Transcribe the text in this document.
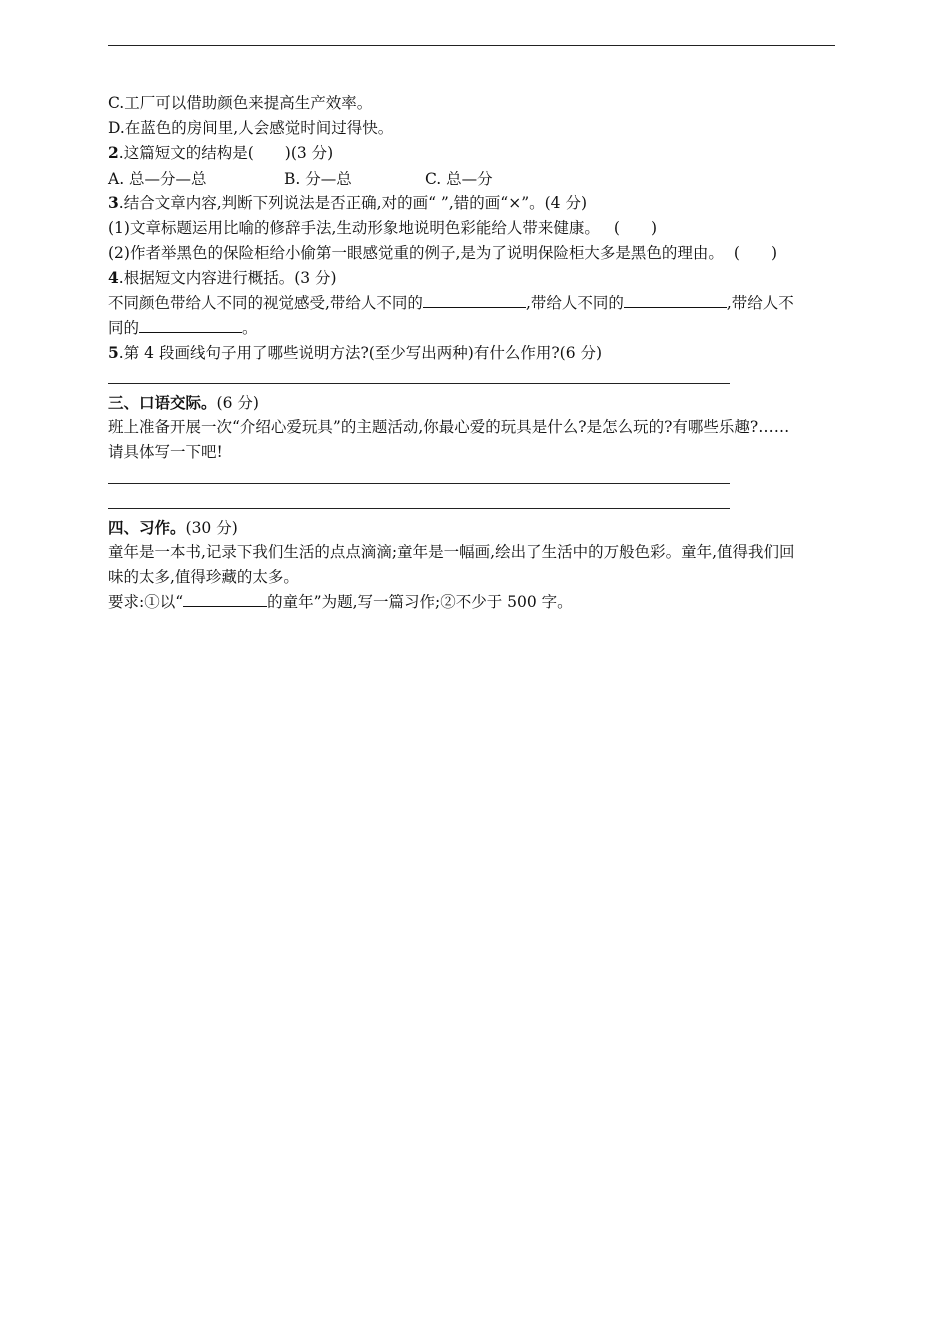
C.工厂可以借助颜色来提高生产效率。
D.在蓝色的房间里,人会感觉时间过得快。
2.这篇短文的结构是(　　)(3 分)
A. 总—分—总	B. 分—总	C. 总—分
3.结合文章内容,判断下列说法是否正确,对的画“ ”,错的画“×”。(4 分)
(1)文章标题运用比喻的修辞手法,生动形象地说明色彩能给人带来健康。 (　　)
(2)作者举黑色的保险柜给小偷第一眼感觉重的例子,是为了说明保险柜大多是黑色的理由。 (　　)
4.根据短文内容进行概括。(3 分)
不同颜色带给人不同的视觉感受,带给人不同的	,带给人不同的	,带给人不
同的	。
5.第 4 段画线句子用了哪些说明方法?(至少写出两种)有什么作用?(6 分)
三、口语交际。(6 分)
班上准备开展一次“介绍心爱玩具”的主题活动,你最心爱的玩具是什么?是怎么玩的?有哪些乐趣?……
请具体写一下吧!
四、习作。(30 分)
童年是一本书,记录下我们生活的点点滴滴;童年是一幅画,绘出了生活中的万般色彩。童年,值得我们回
味的太多,值得珍藏的太多。
要求:①以“	的童年”为题,写一篇习作;②不少于 500 字。
